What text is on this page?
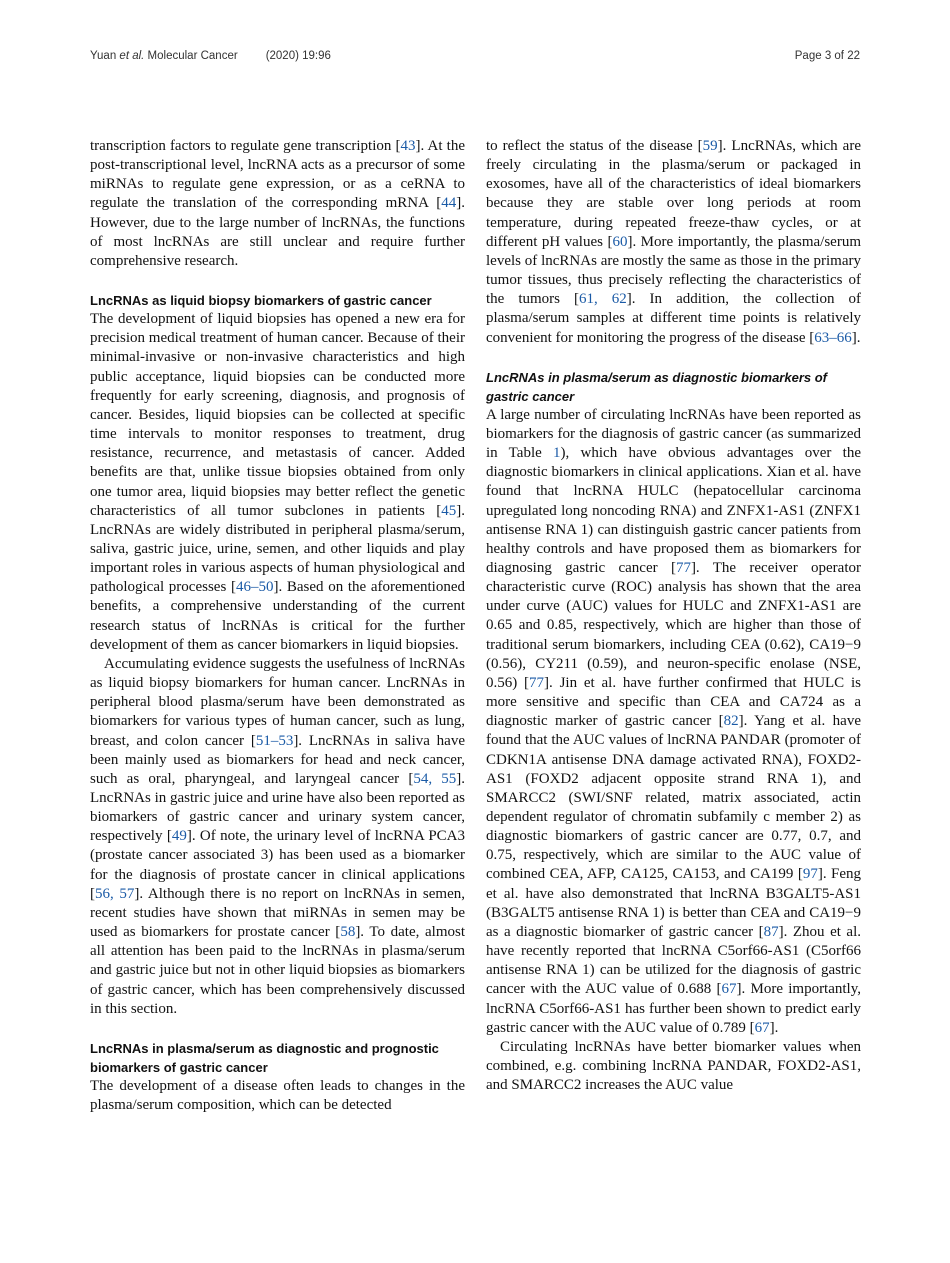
Yuan et al. Molecular Cancer (2020) 19:96	Page 3 of 22

transcription factors to regulate gene transcription [43]. At the post-transcriptional level, lncRNA acts as a precursor of some miRNAs to regulate gene expression, or as a ceRNA to regulate the translation of the corresponding mRNA [44]. However, due to the large number of lncRNAs, the functions of most lncRNAs are still unclear and require further comprehensive research.

LncRNAs as liquid biopsy biomarkers of gastric cancer

The development of liquid biopsies has opened a new era for precision medical treatment of human cancer. Because of their minimal-invasive or non-invasive characteristics and high public acceptance, liquid biopsies can be conducted more frequently for early screening, diagnosis, and prognosis of cancer. Besides, liquid biopsies can be collected at specific time intervals to monitor responses to treatment, drug resistance, recurrence, and metastasis of cancer. Added benefits are that, unlike tissue biopsies obtained from only one tumor area, liquid biopsies may better reflect the genetic characteristics of all tumor subclones in patients [45]. LncRNAs are widely distributed in peripheral plasma/serum, saliva, gastric juice, urine, semen, and other liquids and play important roles in various aspects of human physiological and pathological processes [46–50]. Based on the aforementioned benefits, a comprehensive understanding of the current research status of lncRNAs is critical for the further development of them as cancer biomarkers in liquid biopsies.

Accumulating evidence suggests the usefulness of lncRNAs as liquid biopsy biomarkers for human cancer. LncRNAs in peripheral blood plasma/serum have been demonstrated as biomarkers for various types of human cancer, such as lung, breast, and colon cancer [51–53]. LncRNAs in saliva have been mainly used as biomarkers for head and neck cancer, such as oral, pharyngeal, and laryngeal cancer [54, 55]. LncRNAs in gastric juice and urine have also been reported as biomarkers of gastric cancer and urinary system cancer, respectively [49]. Of note, the urinary level of lncRNA PCA3 (prostate cancer associated 3) has been used as a biomarker for the diagnosis of prostate cancer in clinical applications [56, 57]. Although there is no report on lncRNAs in semen, recent studies have shown that miRNAs in semen may be used as biomarkers for prostate cancer [58]. To date, almost all attention has been paid to the lncRNAs in plasma/serum and gastric juice but not in other liquid biopsies as biomarkers of gastric cancer, which has been comprehensively discussed in this section.

LncRNAs in plasma/serum as diagnostic and prognostic biomarkers of gastric cancer

The development of a disease often leads to changes in the plasma/serum composition, which can be detected

to reflect the status of the disease [59]. LncRNAs, which are freely circulating in the plasma/serum or packaged in exosomes, have all of the characteristics of ideal biomarkers because they are stable over long periods at room temperature, during repeated freeze-thaw cycles, or at different pH values [60]. More importantly, the plasma/serum levels of lncRNAs are mostly the same as those in the primary tumor tissues, thus precisely reflecting the characteristics of the tumors [61, 62]. In addition, the collection of plasma/serum samples at different time points is relatively convenient for monitoring the progress of the disease [63–66].

LncRNAs in plasma/serum as diagnostic biomarkers of gastric cancer

A large number of circulating lncRNAs have been reported as biomarkers for the diagnosis of gastric cancer (as summarized in Table 1), which have obvious advantages over the diagnostic biomarkers in clinical applications. Xian et al. have found that lncRNA HULC (hepatocellular carcinoma upregulated long noncoding RNA) and ZNFX1-AS1 (ZNFX1 antisense RNA 1) can distinguish gastric cancer patients from healthy controls and have proposed them as biomarkers for diagnosing gastric cancer [77]. The receiver operator characteristic curve (ROC) analysis has shown that the area under curve (AUC) values for HULC and ZNFX1-AS1 are 0.65 and 0.85, respectively, which are higher than those of traditional serum biomarkers, including CEA (0.62), CA19−9 (0.56), CY211 (0.59), and neuron-specific enolase (NSE, 0.56) [77]. Jin et al. have further confirmed that HULC is more sensitive and specific than CEA and CA724 as a diagnostic marker of gastric cancer [82]. Yang et al. have found that the AUC values of lncRNA PANDAR (promoter of CDKN1A antisense DNA damage activated RNA), FOXD2-AS1 (FOXD2 adjacent opposite strand RNA 1), and SMARCC2 (SWI/SNF related, matrix associated, actin dependent regulator of chromatin subfamily c member 2) as diagnostic biomarkers of gastric cancer are 0.77, 0.7, and 0.75, respectively, which are similar to the AUC value of combined CEA, AFP, CA125, CA153, and CA199 [97]. Feng et al. have also demonstrated that lncRNA B3GALT5-AS1 (B3GALT5 antisense RNA 1) is better than CEA and CA19−9 as a diagnostic biomarker of gastric cancer [87]. Zhou et al. have recently reported that lncRNA C5orf66-AS1 (C5orf66 antisense RNA 1) can be utilized for the diagnosis of gastric cancer with the AUC value of 0.688 [67]. More importantly, lncRNA C5orf66-AS1 has further been shown to predict early gastric cancer with the AUC value of 0.789 [67].

Circulating lncRNAs have better biomarker values when combined, e.g. combining lncRNA PANDAR, FOXD2-AS1, and SMARCC2 increases the AUC value
